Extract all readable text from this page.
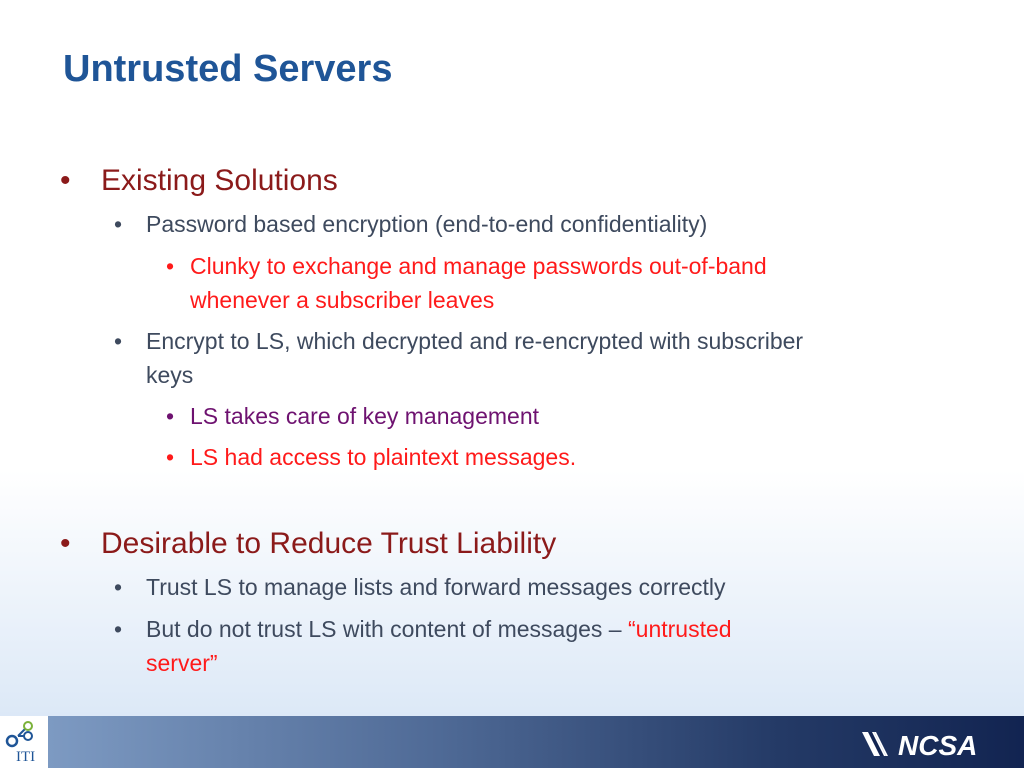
Untrusted Servers
• Existing Solutions
• Password based encryption (end-to-end confidentiality)
• Clunky to exchange and manage passwords out-of-band
whenever a subscriber leaves
• Encrypt to LS, which decrypted and re-encrypted with subscriber
keys
• LS takes care of key management
• LS had access to plaintext messages.
• Desirable to Reduce Trust Liability
• Trust LS to manage lists and forward messages correctly
• But do not trust LS with content of messages – “untrusted
server”
ITI	NCSA
